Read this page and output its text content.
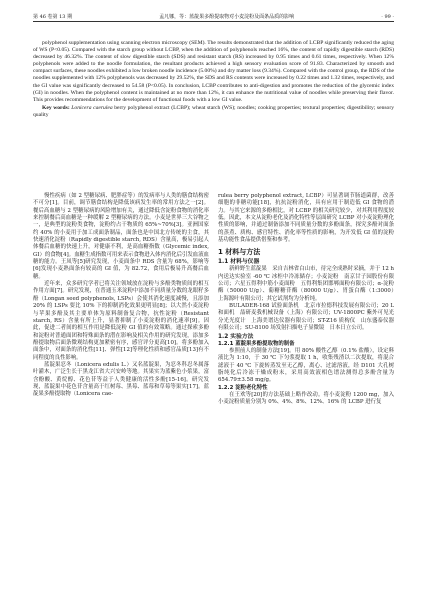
第 46 卷第 13 期	孟凡娜，等：蓝靛果多酚提取物对小麦淀粉及面条品质的影响	· 99 ·

polyphenol supplementation using scanning electron microscopy (SEM). The results demonstrated that the addition of LCBP significantly reduced the aging of WS (P<0.05). Compared with the starch group without LCBP, when the addition of polyphenols reached 16%, the content of rapidly digestible starch (RDS) decreased by 46.32%. The content of slow digestible starch (SDS) and resistant starch (RS) increased by 0.95 times and 0.61 times, respectively. When 12% polyphenols were added to the noodle formulation, the resultant products achieved a high sensory evaluation score of 91.83. Characterized by smooth and compact surfaces, these noodles exhibited a low broken noodle incidence (5.00%) and dry matter loss (9.34%). Compared with the control group, the RDS of the noodles supplemented with 12% polyphenols was decreased by 29.52%, the SDS and RS contents were increased by 0.22 times and 1.32 times, respectively, and the GI value was significantly decreased to 54.58 (P<0.05). In conclusion, LCBP contributes to anti-digestion and promotes the reduction of the glycemic index (GI) in noodles. When the polyphenol content is maintained at no more than 12%, it can enhance the nutritional value of noodles while preserving their flavor. This provides recommendations for the development of functional foods with a low GI value.

Key words: Lonicera caerulea berry polyphenol extract (LCBP); wheat starch (WS); noodles; cooking properties; textural properties; digestibility; sensory quality

慢性疾病（如 2 型糖尿病、肥胖症等）的发病率与人类的膳食结构密不可分[1]。目前，调节膳食结构是降低该病发生率的常用方法之一[2]。餐后高血糖与 2 型糖尿病的风险增加有关，通过降低含淀粉食物的消化率来控制餐后高血糖是一种缓解 2 型糖尿病的方法。小麦是世界三大谷物之一，是典型的淀粉类食物，淀粉约占干物质的 65%~70%[3]。亚洲国家约 40% 的小麦用于加工成面条制品，面条也是中国北方传统的主食，其快速消化淀粉（Rapidly digestible starch, RDS）含量高，极易引起人体餐后血糖的快速上升，对健康不利，是高血糖指数（Glycemic index, GI）的食物[4]。血糖生成指数可用来表示食物进入体内消化后引发血液血糖的能力。王凤等[5]研究发现，小麦面条中 RDS 含量为 68%，影响等[6]发现小麦熟面条有较高的 GI 值，为 82.72，食用后极易升高餐后血糖。

近年来，众多研究学者已将关注领域放在淀粉与多酚类物质间的相互作用方面[7]。研究发现，在普通玉米淀粉中添加不同质量分数的龙眼籽多酚（Longan seed polyphenols, LSPs）会使其消化速度减慢，且添加 20% 的 LSPs 要比 10% 下的抑制消化效果更明显[8]；以大然小麦淀粉与苹果多酚及其主要单体为原料制备复合物，抗性淀粉（Resistant starch, RS）含量有所上升，显著抑制了小麦淀粉的消化速率[9]。因此，促进二者间的相互作用是降低淀粉 GI 值的有效策略。通过探索多酚和淀粉对普通面团和特殊面条的潜在影响及相关作用的研究发现，添加多酚提取物后面条微观结构更加紧密有序，感官评分更高[10]。将多酚加入面条中，对面条的消化性[11]、弹性[12]等理化性质和感官品质[13]有不同程度的良性影响。

蓝靛果忍冬（Lonicera edulis L.）又名蓝靛果，为忍冬科忍冬属落叶灌木，广泛生长于黑龙江省大兴安岭等地。其果实为蓝紫色小浆果，富含酚酸、黄烷醇、花色苷等益于人类健康的活性多酚[15-16]。研究发现，蓝靛果中花色苷含量高于红树莓、黑莓、蓝莓和草莓等果实[17]。蓝靛果多酚提取物（Lonicera cae-

rulea berry polyphenol extract, LCBP）可显著调节肠道菌群，改善细胞的非糖功能[18]，抗抗淀粉消化，具有应用于制造低 GI 食物的潜力。与其它来源的多酚相比，对 LCBP 的相关研究较少，对其利用程度较低。因此，本文从淀粉老化及消化特性等层面研究 LCBP 对小麦淀粉理化性质的影响，并通过制备添加不同质量分数的多酚面条，探究多酚对面条的蒸煮、质构、感官特性、消化率等性质的影响，为开发低 GI 值的淀粉基功能性食品提供借鉴和参考。

1 材料与方法
1.1 材料与仪器

新鲜野生蓝靛果　采自吉林省白山市，待完全成熟时采摘，并于 12 h 内送达实验室 -60 ℃ 冰柜中冷冻储存；小麦淀粉　南京甘子园股份有限公司；六星五得利中筋小麦面粉　五得利集团邯郸面粉有限公司；α-淀粉酶（50000 U/g）、葡糖糖苷酶（80000 U/g）、胃蛋白酶（1:3000）　上海源叶有限公司；其它试剂均为分析纯。

BULADER-168 试验面条机　北京市拉德科技发展有限公司；20 L 和面机　喆研麦我机械设备（上海）有限公司；UV-1800PC 紫外可见光分光光度计　上海美谱达仪器有限公司；ST-Z16 质构仪　山东盛泰仪器有限公司；SU-8100 场发射扫描电子显微镜　日本日立公司。

1.2 实验方法
1.2.1 蓝靛果多酚提取物的制备

参照前人的制备方法[19]。用 80% 酸性乙醇（0.1% 盐酸），设定料液比为 1:10，于 30 ℃ 下匀浆提取 1 h，收集残渣以二次提取，将混合滤液于 40 ℃ 下旋转蒸发至无乙醇，离心、过滤溶液，经 D101 大孔树脂纯化后冷冻干燥成粉末，采用高效液相色谱法测得总多酚含量为 654.79±3.58 mg/g。

1.2.2 淀粉老化特性

在王欢等[20]的方法基础上略作改动。将小麦淀粉 1200 mg，加入小麦淀粉质量分别为 0%、4%、8%、12%、16% 的 LCBP 进行复
